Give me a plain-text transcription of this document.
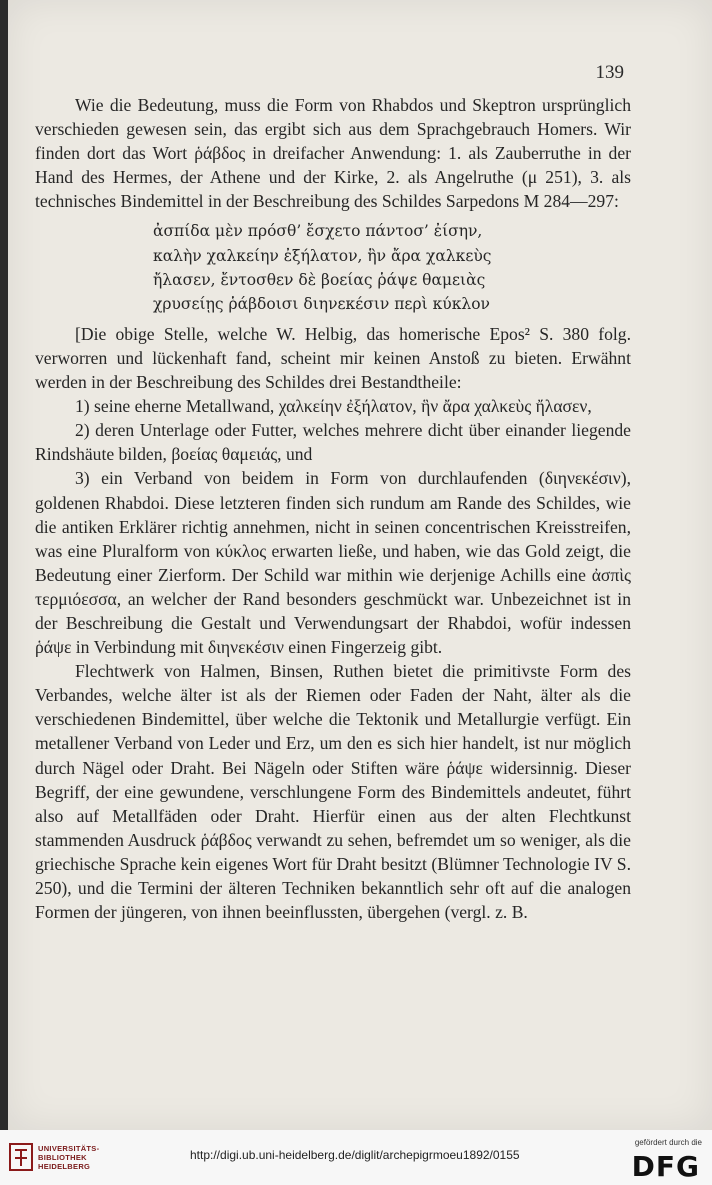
139

Wie die Bedeutung, muss die Form von Rhabdos und Skeptron ursprünglich verschieden gewesen sein, das ergibt sich aus dem Sprachgebrauch Homers. Wir finden dort das Wort ῥάβδος in dreifacher Anwendung: 1. als Zauberruthe in der Hand des Hermes, der Athene und der Kirke, 2. als Angelruthe (μ 251), 3. als technisches Bindemittel in der Beschreibung des Schildes Sarpedons M 284—297:

ἀσπίδα μὲν πρόσθ’ ἔσχετο πάντοσ’ ἐίσην,
καλὴν χαλκείην ἐξήλατον, ἣν ἄρα χαλκεὺς
ἤλασεν, ἔντοσθεν δὲ βοείας ῥάψε θαμειὰς
χρυσείῃς ῥάβδοισι διηνεκέσιν περὶ κύκλον

[Die obige Stelle, welche W. Helbig, das homerische Epos² S. 380 folg. verworren und lückenhaft fand, scheint mir keinen Anstoß zu bieten. Erwähnt werden in der Beschreibung des Schildes drei Bestandtheile:

1) seine eherne Metallwand, χαλκείην ἐξήλατον, ἣν ἄρα χαλκεὺς ἤλασεν,

2) deren Unterlage oder Futter, welches mehrere dicht über einander liegende Rindshäute bilden, βοείας θαμειάς, und

3) ein Verband von beidem in Form von durchlaufenden (διηνεκέσιν), goldenen Rhabdoi. Diese letzteren finden sich rundum am Rande des Schildes, wie die antiken Erklärer richtig annehmen, nicht in seinen concentrischen Kreisstreifen, was eine Pluralform von κύκλος erwarten ließe, und haben, wie das Gold zeigt, die Bedeutung einer Zierform. Der Schild war mithin wie derjenige Achills eine ἀσπὶς τερμιόεσσα, an welcher der Rand besonders geschmückt war. Unbezeichnet ist in der Beschreibung die Gestalt und Verwendungsart der Rhabdoi, wofür indessen ῥάψε in Verbindung mit διηνεκέσιν einen Fingerzeig gibt.

Flechtwerk von Halmen, Binsen, Ruthen bietet die primitivste Form des Verbandes, welche älter ist als der Riemen oder Faden der Naht, älter als die verschiedenen Bindemittel, über welche die Tektonik und Metallurgie verfügt. Ein metallener Verband von Leder und Erz, um den es sich hier handelt, ist nur möglich durch Nägel oder Draht. Bei Nägeln oder Stiften wäre ῥάψε widersinnig. Dieser Begriff, der eine gewundene, verschlungene Form des Bindemittels andeutet, führt also auf Metallfäden oder Draht. Hierfür einen aus der alten Flechtkunst stammenden Ausdruck ῥάβδος verwandt zu sehen, befremdet um so weniger, als die griechische Sprache kein eigenes Wort für Draht besitzt (Blümner Technologie IV S. 250), und die Termini der älteren Techniken bekanntlich sehr oft auf die analogen Formen der jüngeren, von ihnen beeinflussten, übergehen (vergl. z. B.

UNIVERSITÄTS-
BIBLIOTHEK
HEIDELBERG
http://digi.ub.uni-heidelberg.de/diglit/archepigrmoeu1892/0155
gefördert durch die
DFG
